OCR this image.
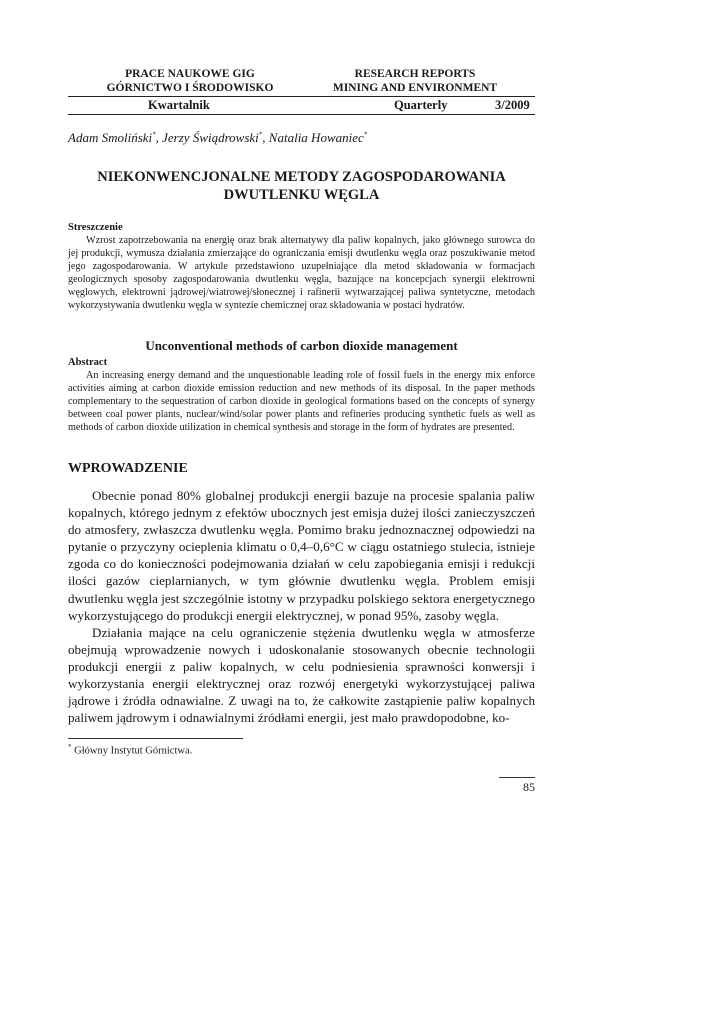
PRACE NAUKOWE GIG
GÓRNICTWO I ŚRODOWISKO
RESEARCH REPORTS
MINING AND ENVIRONMENT
Kwartalnik	Quarterly	3/2009
Adam Smoliński*, Jerzy Świądrowski*, Natalia Howaniec*
NIEKONWENCJONALNE METODY ZAGOSPODAROWANIA
DWUTLENKU WĘGLA
Streszczenie
Wzrost zapotrzebowania na energię oraz brak alternatywy dla paliw kopalnych, jako głównego surowca do jej produkcji, wymusza działania zmierzające do ograniczania emisji dwutlenku węgla oraz poszukiwanie metod jego zagospodarowania. W artykule przedstawiono uzupełniające dla metod składowania w formacjach geologicznych sposoby zagospodarowania dwutlenku węgla, bazujące na koncepcjach synergii elektrowni węglowych, elektrowni jądrowej/wiatrowej/słonecznej i rafinerii wytwarzającej paliwa syntetyczne, metodach wykorzystywania dwutlenku węgla w syntezie chemicznej oraz składowania w postaci hydratów.
Unconventional methods of carbon dioxide management
Abstract
An increasing energy demand and the unquestionable leading role of fossil fuels in the energy mix enforce activities aiming at carbon dioxide emission reduction and new methods of its disposal. In the paper methods complementary to the sequestration of carbon dioxide in geological formations based on the concepts of synergy between coal power plants, nuclear/wind/solar power plants and refineries producing synthetic fuels as well as methods of carbon dioxide utilization in chemical synthesis and storage in the form of hydrates are presented.
WPROWADZENIE

Obecnie ponad 80% globalnej produkcji energii bazuje na procesie spalania paliw kopalnych, którego jednym z efektów ubocznych jest emisja dużej ilości zanieczyszczeń do atmosfery, zwłaszcza dwutlenku węgla. Pomimo braku jednoznacznej odpowiedzi na pytanie o przyczyny ocieplenia klimatu o 0,4–0,6°C w ciągu ostatniego stulecia, istnieje zgoda co do konieczności podejmowania działań w celu zapobiegania emisji i redukcji ilości gazów cieplarnianych, w tym głównie dwutlenku węgla. Problem emisji dwutlenku węgla jest szczególnie istotny w przypadku polskiego sektora energetycznego wykorzystującego do produkcji energii elektrycznej, w ponad 95%, zasoby węgla.

Działania mające na celu ograniczenie stężenia dwutlenku węgla w atmosferze obejmują wprowadzenie nowych i udoskonalanie stosowanych obecnie technologii produkcji energii z paliw kopalnych, w celu podniesienia sprawności konwersji i wykorzystania energii elektrycznej oraz rozwój energetyki wykorzystującej paliwa jądrowe i źródła odnawialne. Z uwagi na to, że całkowite zastąpienie paliw kopalnych paliwem jądrowym i odnawialnymi źródłami energii, jest mało prawdopodobne, ko-

* Główny Instytut Górnictwa.
85
